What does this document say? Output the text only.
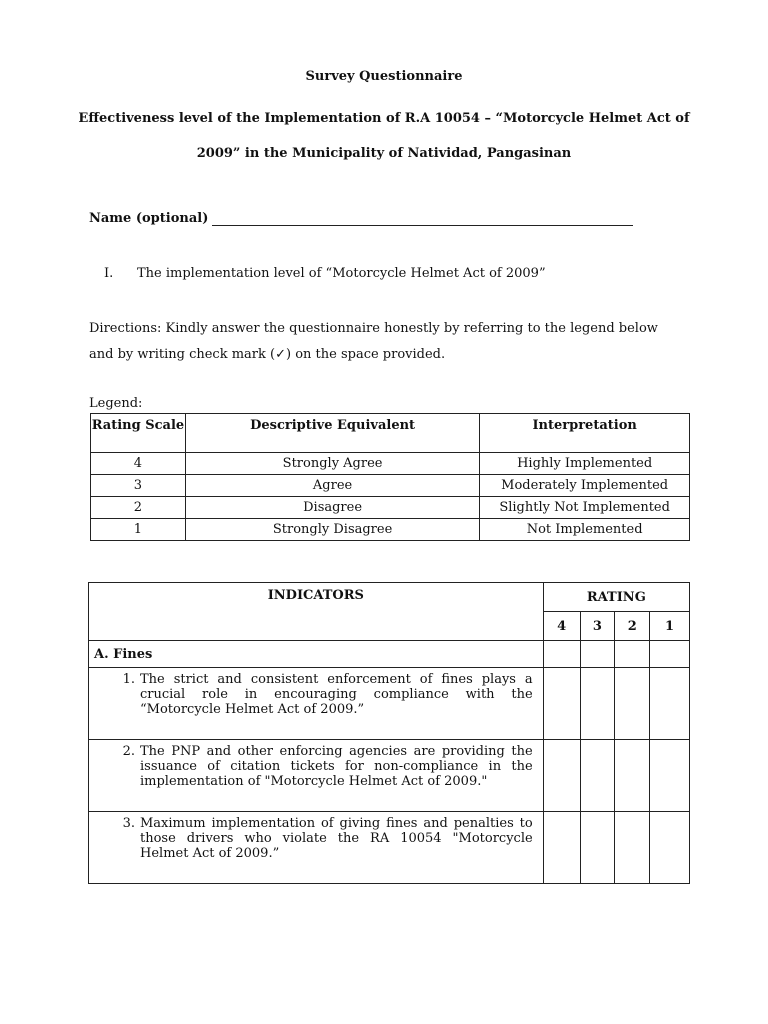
Survey Questionnaire
Effectiveness level of the Implementation of R.A 10054 – “Motorcycle Helmet Act of
2009” in the Municipality of Natividad, Pangasinan
Name (optional)
I. The implementation level of “Motorcycle Helmet Act of 2009”
Directions: Kindly answer the questionnaire honestly by referring to the legend below and by writing check mark (✓) on the space provided.
Legend:
Rating Scale	Descriptive Equivalent	Interpretation
4	Strongly Agree	Highly Implemented
3	Agree	Moderately Implemented
2	Disagree	Slightly Not Implemented
1	Strongly Disagree	Not Implemented
INDICATORS	RATING			
	4	3	2	1
A. Fines				

1. The strict and consistent enforcement of fines plays a crucial role in encouraging compliance with the “Motorcycle Helmet Act of 2009.”				

2. The PNP and other enforcing agencies are providing the issuance of citation tickets for non-compliance in the implementation of "Motorcycle Helmet Act of 2009."				

3. Maximum implementation of giving fines and penalties to those drivers who violate the RA 10054 "Motorcycle Helmet Act of 2009.”				
